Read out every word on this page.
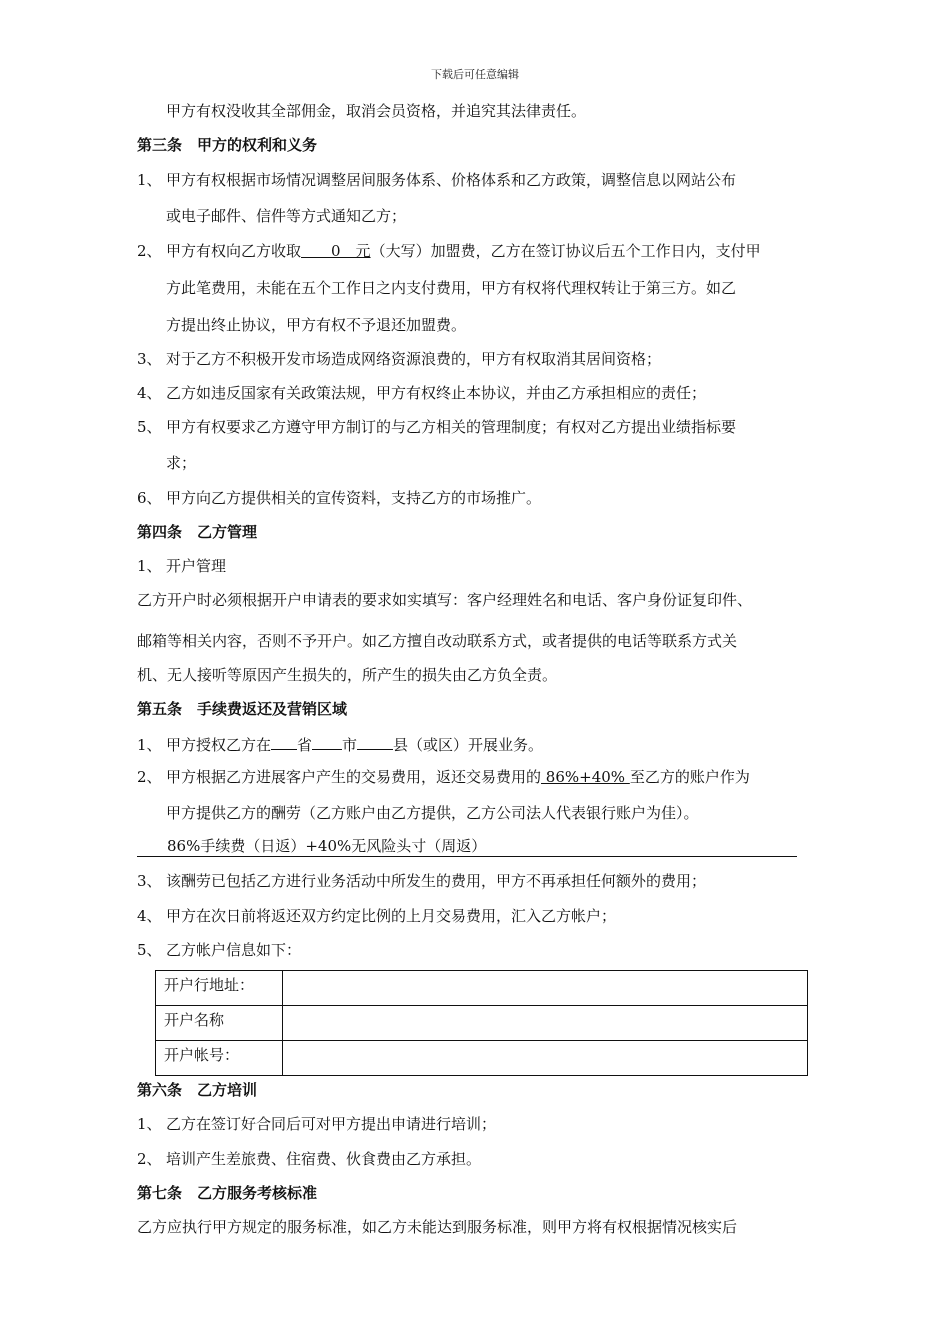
下载后可任意编辑
甲方有权没收其全部佣金，取消会员资格，并追究其法律责任。
第三条　甲方的权利和义务
1、 甲方有权根据市场情况调整居间服务体系、价格体系和乙方政策，调整信息以网站公布
或电子邮件、信件等方式通知乙方；
2、 甲方有权向乙方收取　　0　元（大写）加盟费，乙方在签订协议后五个工作日内，支付甲
方此笔费用，未能在五个工作日之内支付费用，甲方有权将代理权转让于第三方。如乙
方提出终止协议，甲方有权不予退还加盟费。
3、 对于乙方不积极开发市场造成网络资源浪费的，甲方有权取消其居间资格；
4、 乙方如违反国家有关政策法规，甲方有权终止本协议，并由乙方承担相应的责任；
5、 甲方有权要求乙方遵守甲方制订的与乙方相关的管理制度；有权对乙方提出业绩指标要
求；
6、 甲方向乙方提供相关的宣传资料，支持乙方的市场推广。
第四条　乙方管理
1、 开户管理
乙方开户时必须根据开户申请表的要求如实填写：客户经理姓名和电话、客户身份证复印件、
邮箱等相关内容，否则不予开户。如乙方擅自改动联系方式，或者提供的电话等联系方式关
机、无人接听等原因产生损失的，所产生的损失由乙方负全责。
第五条　手续费返还及营销区域
1、 甲方授权乙方在 省 市 县（或区）开展业务。
2、 甲方根据乙方进展客户产生的交易费用，返还交易费用的 86%+40% 至乙方的账户作为
甲方提供乙方的酬劳（乙方账户由乙方提供，乙方公司法人代表银行账户为佳）。
　　86%手续费（日返）+40%无风险头寸（周返）
3、 该酬劳已包括乙方进行业务活动中所发生的费用，甲方不再承担任何额外的费用；
4、 甲方在次日前将返还双方约定比例的上月交易费用，汇入乙方帐户；
5、 乙方帐户信息如下：
开户行地址：	
开户名称	
开户帐号：	
第六条　乙方培训
1、 乙方在签订好合同后可对甲方提出申请进行培训；
2、 培训产生差旅费、住宿费、伙食费由乙方承担。
第七条　乙方服务考核标准
乙方应执行甲方规定的服务标准，如乙方未能达到服务标准，则甲方将有权根据情况核实后
